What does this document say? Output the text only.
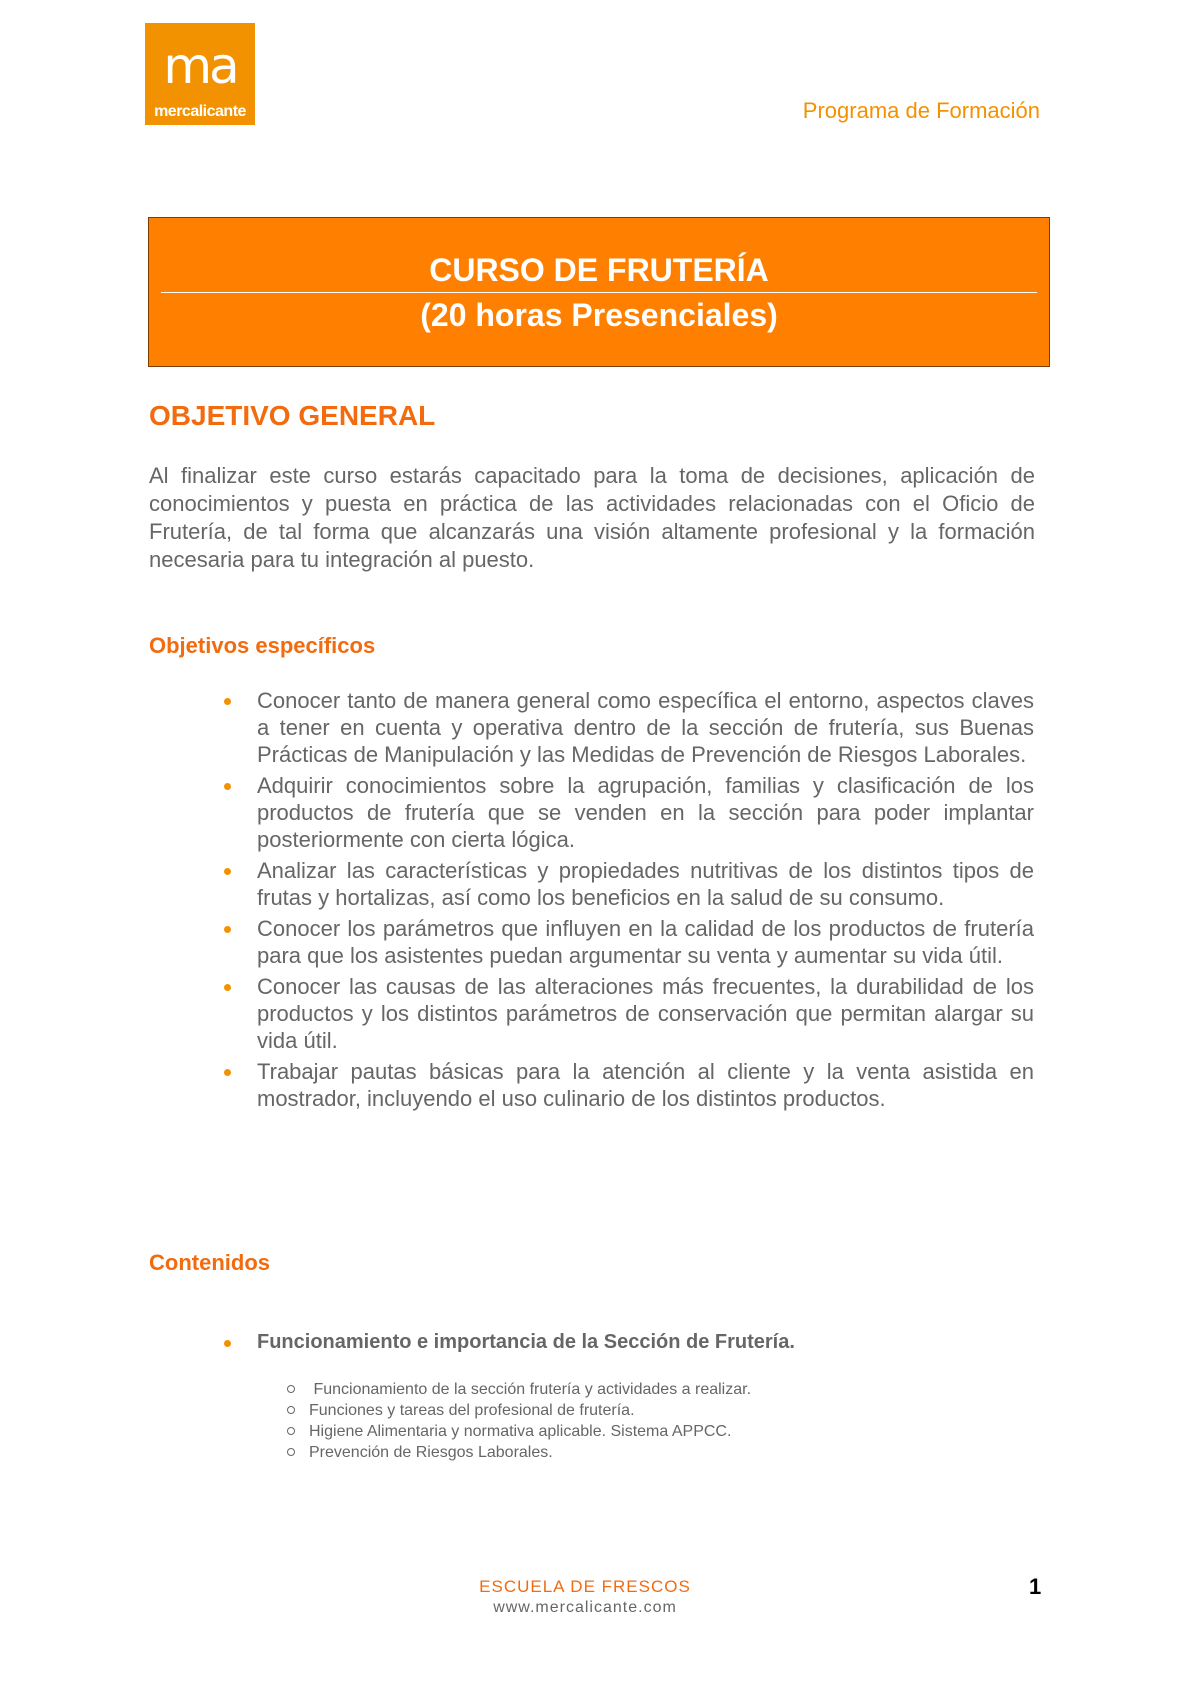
ma
mercalicante	Programa de Formación
CURSO DE FRUTERÍA
(20 horas Presenciales)
OBJETIVO GENERAL

Al finalizar este curso estarás capacitado para la toma de decisiones, aplicación de conocimientos y puesta en práctica de las actividades relacionadas con el Oficio de Frutería, de tal forma que alcanzarás una visión altamente profesional y la formación necesaria para tu integración al puesto.

Objetivos específicos
Conocer tanto de manera general como específica el entorno, aspectos claves a tener en cuenta y operativa dentro de la sección de frutería, sus Buenas Prácticas de Manipulación y las Medidas de Prevención de Riesgos Laborales.
Adquirir conocimientos sobre la agrupación, familias y clasificación de los productos de frutería que se venden en la sección para poder implantar posteriormente con cierta lógica.
Analizar las características y propiedades nutritivas de los distintos tipos de frutas y hortalizas, así como los beneficios en la salud de su consumo.
Conocer los parámetros que influyen en la calidad de los productos de frutería para que los asistentes puedan argumentar su venta y aumentar su vida útil.
Conocer las causas de las alteraciones más frecuentes, la durabilidad de los productos y los distintos parámetros de conservación que permitan alargar su vida útil.
Trabajar pautas básicas para la atención al cliente y la venta asistida en mostrador, incluyendo el uso culinario de los distintos productos.
Contenidos
Funcionamiento e importancia de la Sección de Frutería.
Funcionamiento de la sección frutería y actividades a realizar.
Funciones y tareas del profesional de frutería.
Higiene Alimentaria y normativa aplicable. Sistema APPCC.
Prevención de Riesgos Laborales.
ESCUELA DE FRESCOS
www.mercalicante.com
1
